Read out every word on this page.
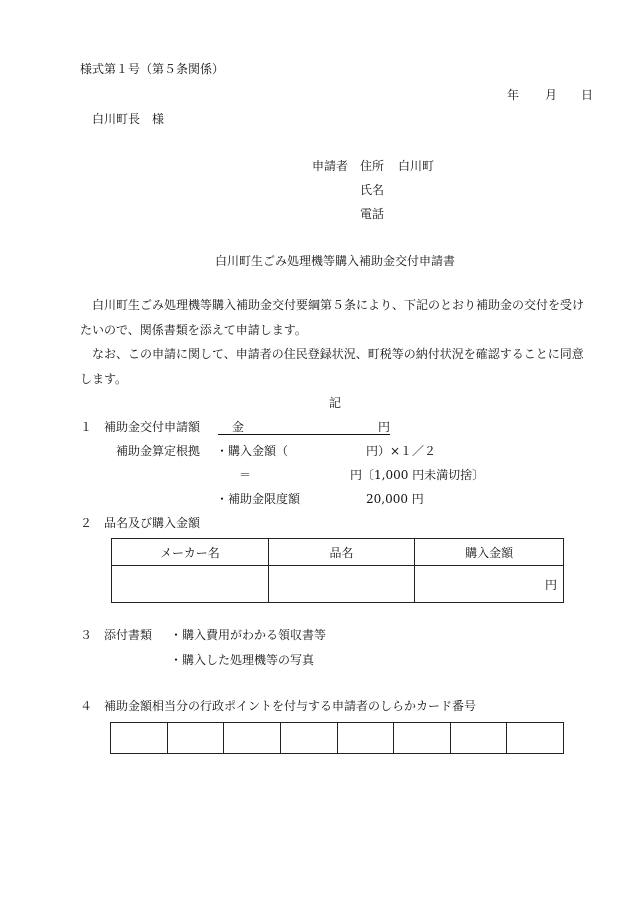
様式第１号（第５条関係）
年 月 日
白川町長　様
申請者 住所 白川町
氏名
電話
白川町生ごみ処理機等購入補助金交付申請書
白川町生ごみ処理機等購入補助金交付要綱第５条により、下記のとおり補助金の交付を受け
たいので、関係書類を添えて申請します。
なお、この申請に関して、申請者の住民登録状況、町税等の納付状況を確認することに同意
します。
記
１ 補助金交付申請額	金	円
補助金算定根拠 ・購入金額（	円）×１／２
＝	円〔1,000 円未満切捨〕
・補助金限度額	20,000 円
２ 品名及び購入金額
メーカー名	品名	購入金額
		円
３ 添付書類 ・購入費用がわかる領収書等
・購入した処理機等の写真
４ 補助金額相当分の行政ポイントを付与する申請者のしらかカード番号
